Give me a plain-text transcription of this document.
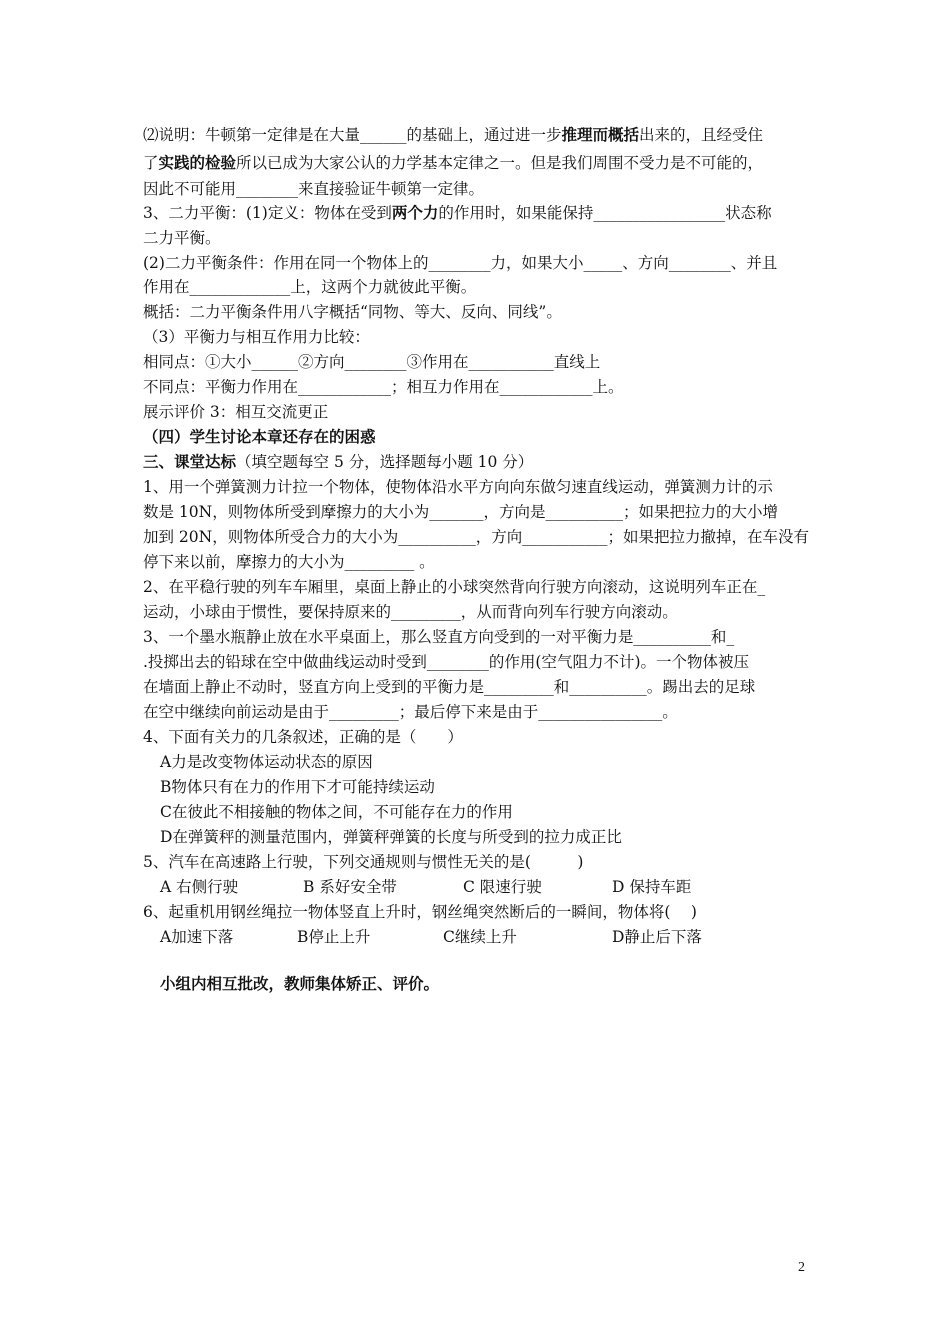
⑵说明：牛顿第一定律是在大量______的基础上，通过进一步推理而概括出来的，且经受住
了实践的检验所以已成为大家公认的力学基本定律之一。但是我们周围不受力是不可能的，
因此不可能用________来直接验证牛顿第一定律。
3、二力平衡：(1)定义：物体在受到两个力的作用时，如果能保持_________________状态称
二力平衡。
(2)二力平衡条件：作用在同一个物体上的________力，如果大小_____、方向________、并且
作用在_____________上，这两个力就彼此平衡。
概括：二力平衡条件用八字概括“同物、等大、反向、同线”。
（3）平衡力与相互作用力比较：
相同点：①大小______②方向________③作用在___________直线上
不同点：平衡力作用在____________；相互力作用在____________上。
展示评价 3：相互交流更正
（四）学生讨论本章还存在的困惑
三、课堂达标（填空题每空 5 分，选择题每小题 10 分）
1、用一个弹簧测力计拉一个物体，使物体沿水平方向向东做匀速直线运动，弹簧测力计的示
数是 10N，则物体所受到摩擦力的大小为_______，方向是__________；如果把拉力的大小增
加到 20N，则物体所受合力的大小为__________，方向___________；如果把拉力撤掉，在车没有
停下来以前，摩擦力的大小为_________ 。
2、在平稳行驶的列车车厢里，桌面上静止的小球突然背向行驶方向滚动，这说明列车正在_
运动，小球由于惯性，要保持原来的_________，从而背向列车行驶方向滚动。
3、一个墨水瓶静止放在水平桌面上，那么竖直方向受到的一对平衡力是__________和_
.投掷出去的铅球在空中做曲线运动时受到________的作用(空气阻力不计)。一个物体被压
在墙面上静止不动时，竖直方向上受到的平衡力是_________和__________。踢出去的足球
在空中继续向前运动是由于_________；最后停下来是由于________________。
4、下面有关力的几条叙述，正确的是（　　）
A力是改变物体运动状态的原因
B物体只有在力的作用下才可能持续运动
C在彼此不相接触的物体之间，不可能存在力的作用
D在弹簧秤的测量范围内，弹簧秤弹簧的长度与所受到的拉力成正比
5、汽车在高速路上行驶，下列交通规则与惯性无关的是(　　　)
A 右侧行驶	B 系好安全带	C 限速行驶	D 保持车距
6、起重机用钢丝绳拉一物体竖直上升时，钢丝绳突然断后的一瞬间，物体将(　 )
A加速下落	B停止上升	C继续上升	D静止后下落
小组内相互批改，教师集体矫正、评价。
2
